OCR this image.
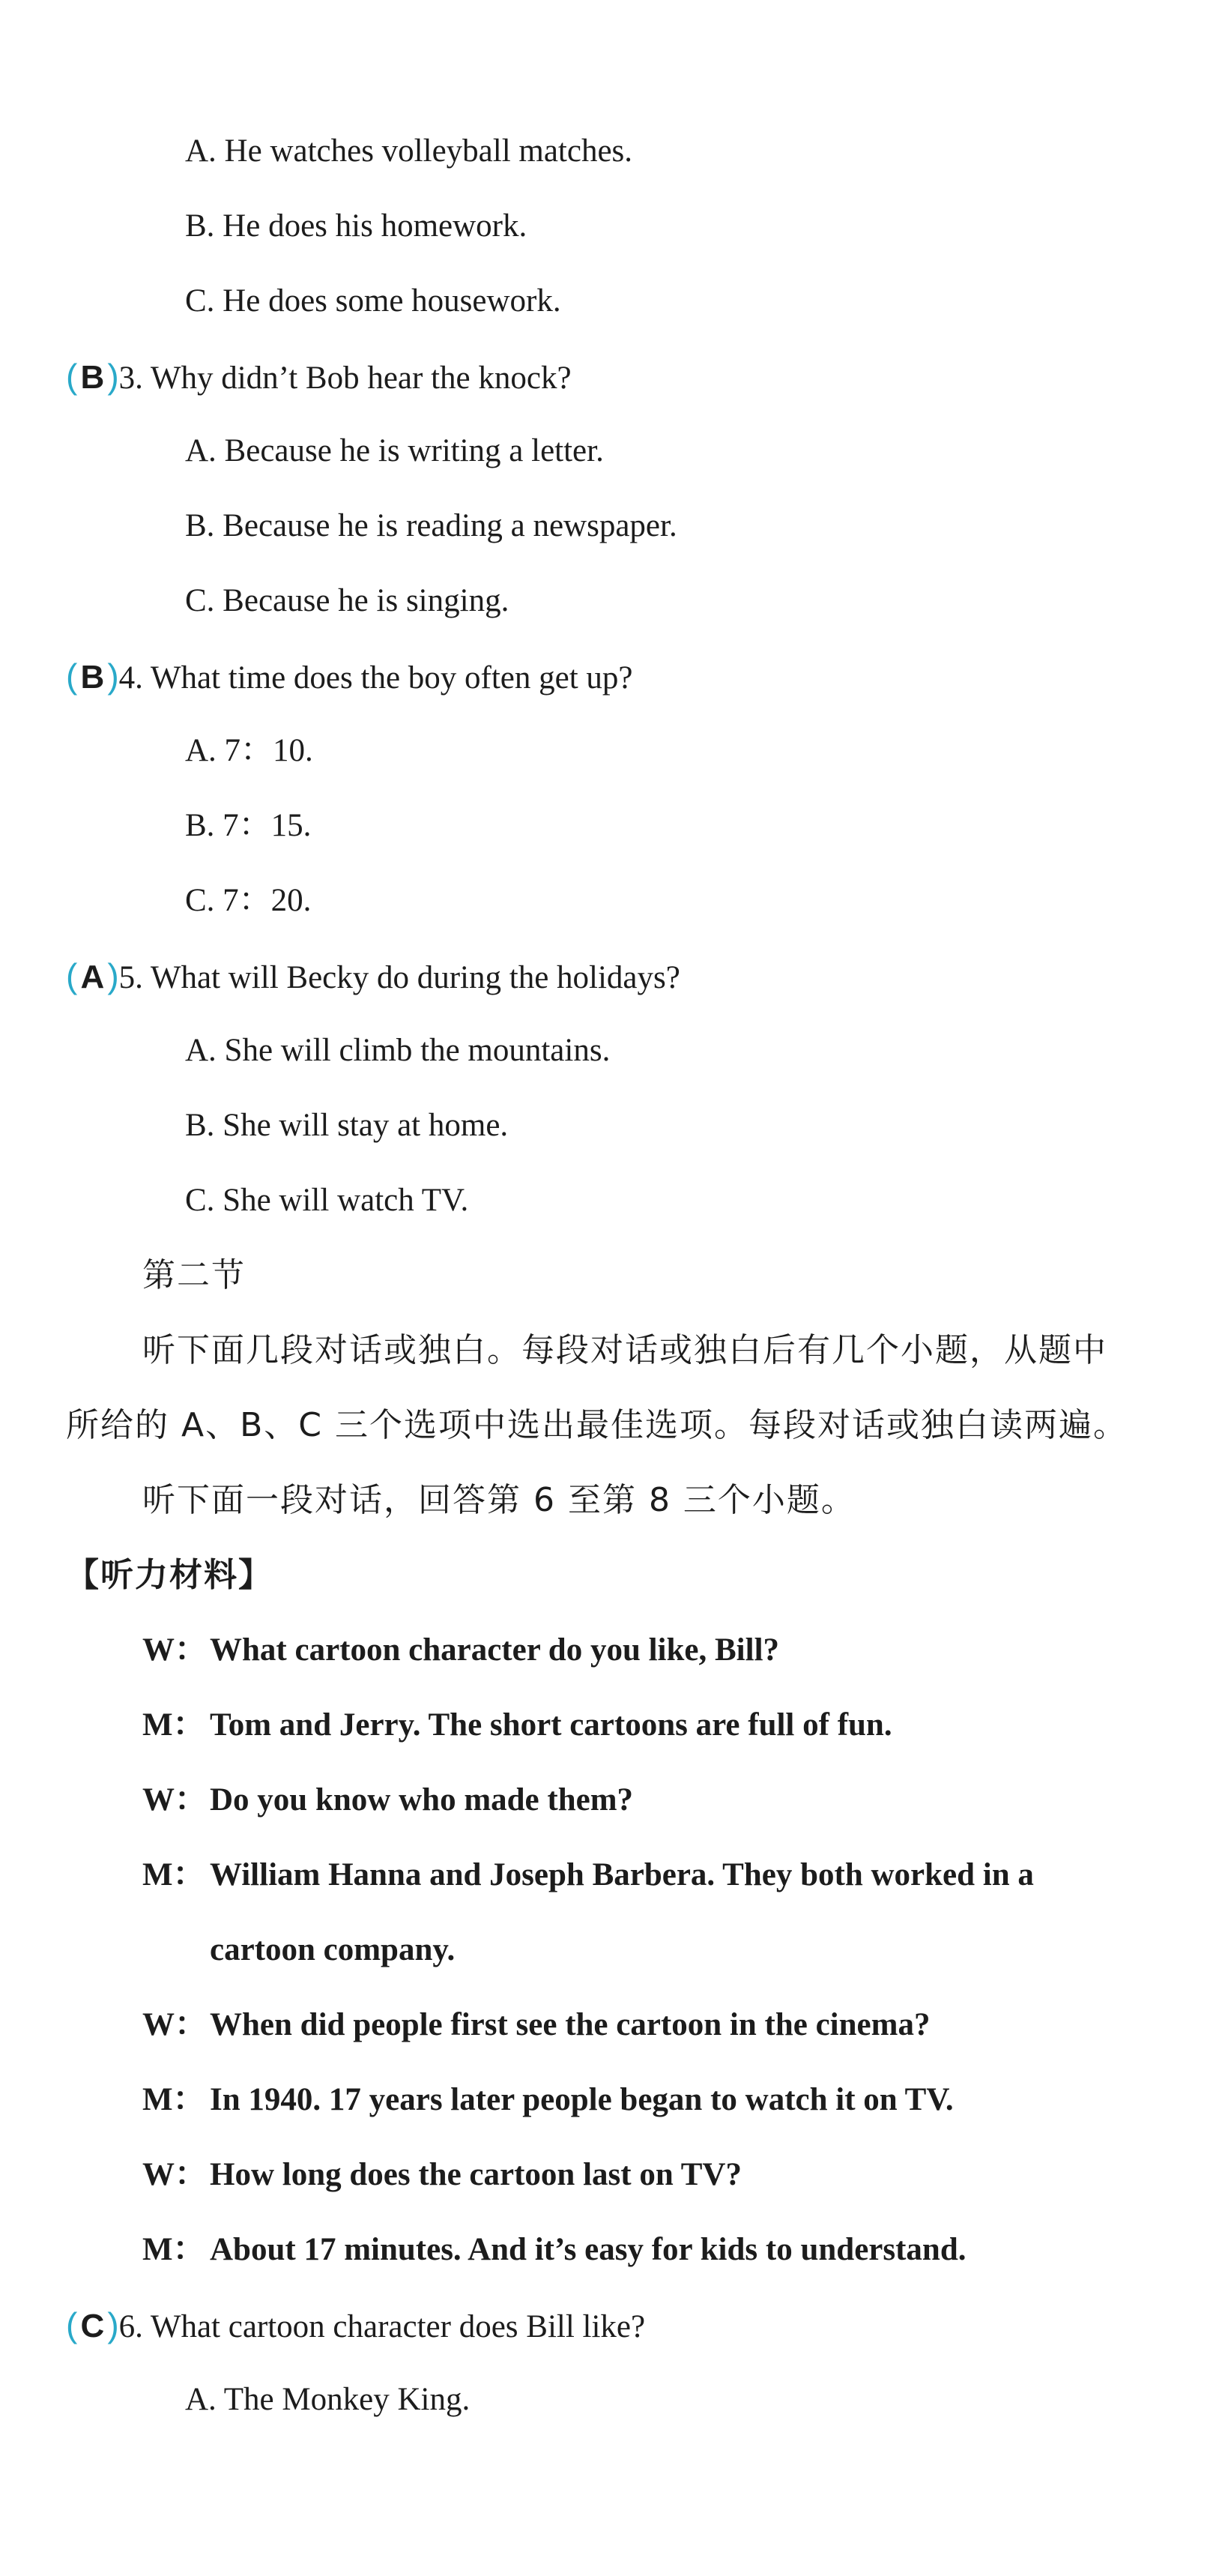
A. He watches volleyball matches.
B. He does his homework.
C. He does some housework.
(B)3. Why didn’t Bob hear the knock?
A. Because he is writing a letter.
B. Because he is reading a newspaper.
C. Because he is singing.
(B)4. What time does the boy often get up?
A. 7：10.
B. 7：15.
C. 7：20.
(A)5. What will Becky do during the holidays?
A. She will climb the mountains.
B. She will stay at home.
C. She will watch TV.
第二节
听下面几段对话或独白。每段对话或独白后有几个小题，从题中
所给的 A、B、C 三个选项中选出最佳选项。每段对话或独白读两遍。
听下面一段对话，回答第 6 至第 8 三个小题。
【听力材料】
W：What cartoon character do you like, Bill?
M： Tom and Jerry. The short cartoons are full of fun.
W：Do you know who made them?
M： William Hanna and Joseph Barbera. They both worked in a
cartoon company.
W：When did people first see the cartoon in the cinema?
M： In 1940. 17 years later people began to watch it on TV.
W：How long does the cartoon last on TV?
M： About 17 minutes. And it’s easy for kids to understand.
(C)6. What cartoon character does Bill like?
A. The Monkey King.
